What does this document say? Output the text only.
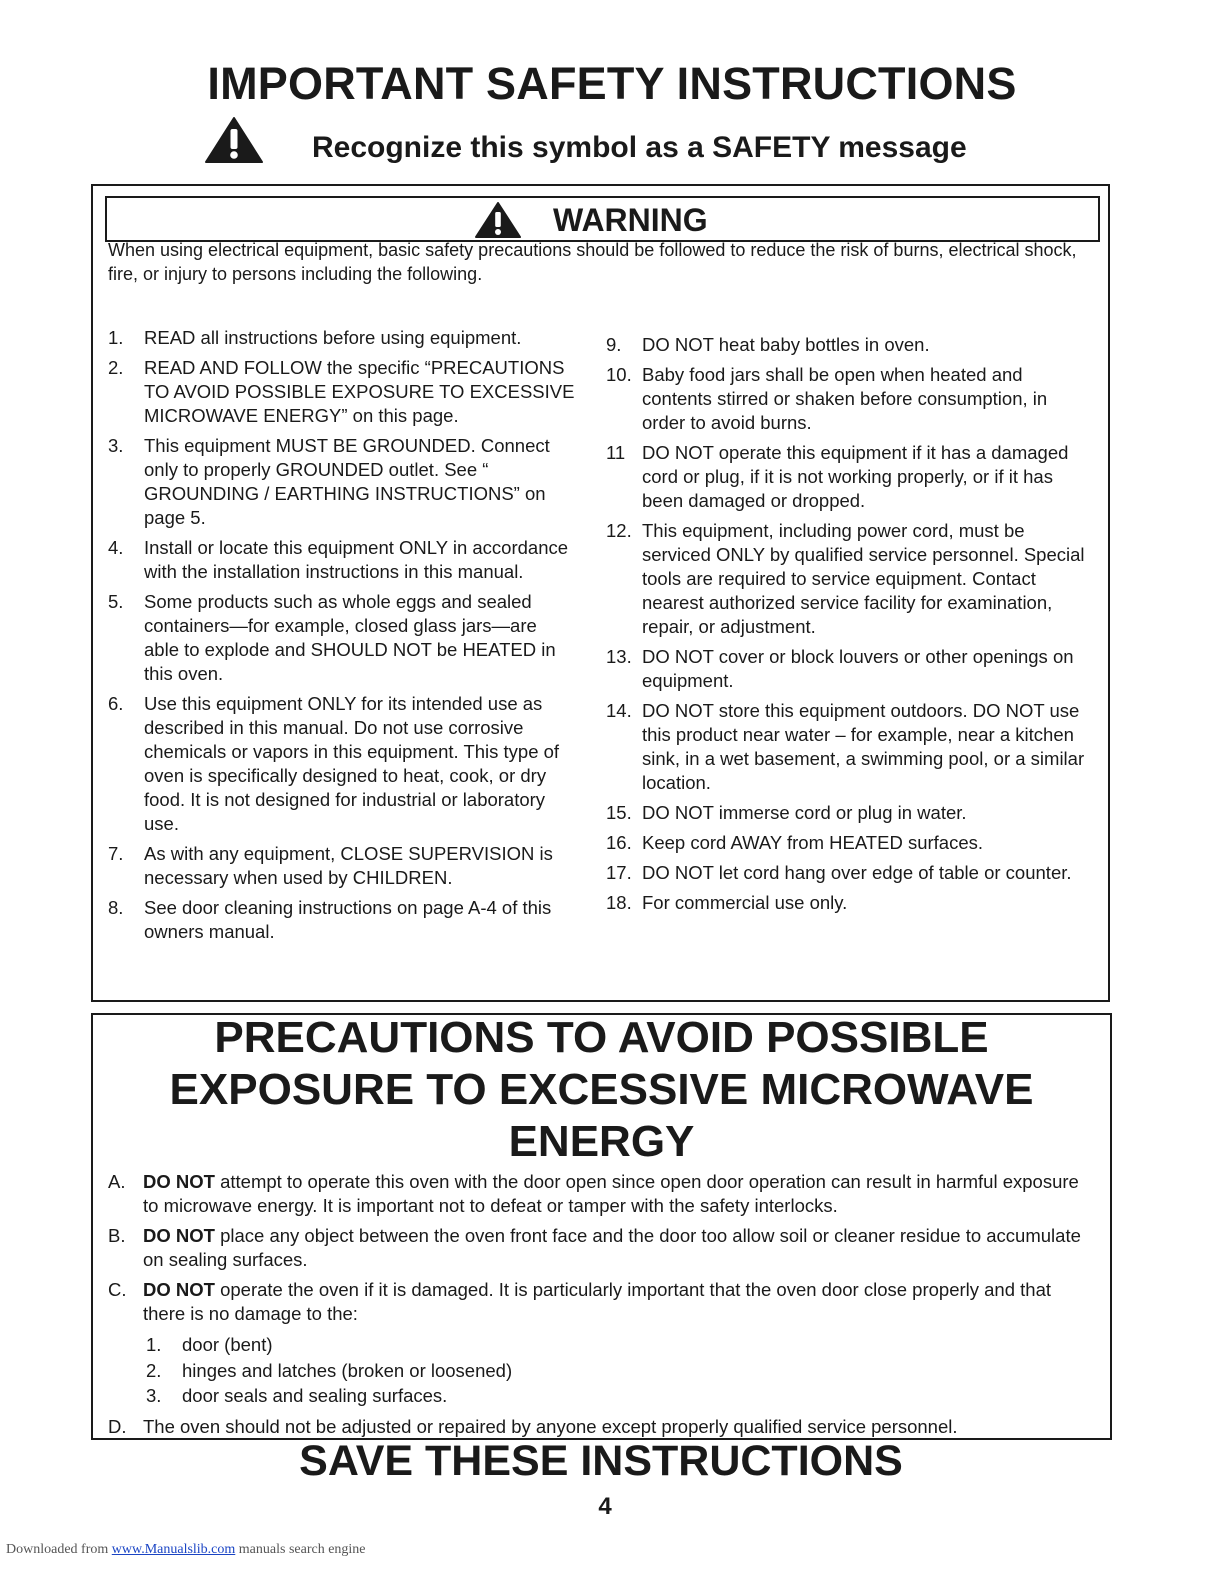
IMPORTANT SAFETY INSTRUCTIONS
Recognize this symbol as a SAFETY message
WARNING
When using electrical equipment, basic safety precautions should be followed to reduce the risk of burns, electrical shock, fire, or injury to persons including the following.
1. READ all instructions before using equipment.
2. READ AND FOLLOW the specific “PRECAUTIONS TO AVOID POSSIBLE EXPOSURE TO EXCESSIVE MICROWAVE ENERGY” on this page.
3. This equipment MUST BE GROUNDED. Connect only to properly GROUNDED outlet. See “ GROUNDING / EARTHING INSTRUCTIONS” on page 5.
4. Install or locate this equipment ONLY in accordance with the installation instructions in this manual.
5. Some products such as whole eggs and sealed containers—for example, closed glass jars—are able to explode and SHOULD NOT be HEATED in this oven.
6. Use this equipment ONLY for its intended use as described in this manual. Do not use corrosive chemicals or vapors in this equipment. This type of oven is specifically designed to heat, cook, or dry food. It is not designed for industrial or laboratory use.
7. As with any equipment, CLOSE SUPERVISION is necessary when used by CHILDREN.
8. See door cleaning instructions on page A-4 of this owners manual.
9. DO NOT heat baby bottles in oven.
10. Baby food jars shall be open when heated and contents stirred or shaken before consumption, in order to avoid burns.
11 DO NOT operate this equipment if it has a damaged cord or plug, if it is not working properly, or if it has been damaged or dropped.
12. This equipment, including power cord, must be serviced ONLY by qualified service personnel. Special tools are required to service equipment. Contact nearest authorized service facility for examination, repair, or adjustment.
13. DO NOT cover or block louvers or other openings on equipment.
14. DO NOT store this equipment outdoors. DO NOT use this product near water – for example, near a kitchen sink, in a wet basement, a swimming pool, or a similar location.
15. DO NOT immerse cord or plug in water.
16. Keep cord AWAY from HEATED surfaces.
17. DO NOT let cord hang over edge of table or counter.
18. For commercial use only.
PRECAUTIONS TO AVOID POSSIBLE
EXPOSURE TO EXCESSIVE MICROWAVE
ENERGY
A. DO NOT attempt to operate this oven with the door open since open door operation can result in harmful exposure to microwave energy. It is important not to defeat or tamper with the safety interlocks.
B. DO NOT place any object between the oven front face and the door too allow soil or cleaner residue to accumulate on sealing surfaces.
C. DO NOT operate the oven if it is damaged. It is particularly important that the oven door close properly and that there is no damage to the:
1. door (bent)
2. hinges and latches (broken or loosened)
3. door seals and sealing surfaces.
D. The oven should not be adjusted or repaired by anyone except properly qualified service personnel.
SAVE THESE INSTRUCTIONS
4
Downloaded from www.Manualslib.com manuals search engine
